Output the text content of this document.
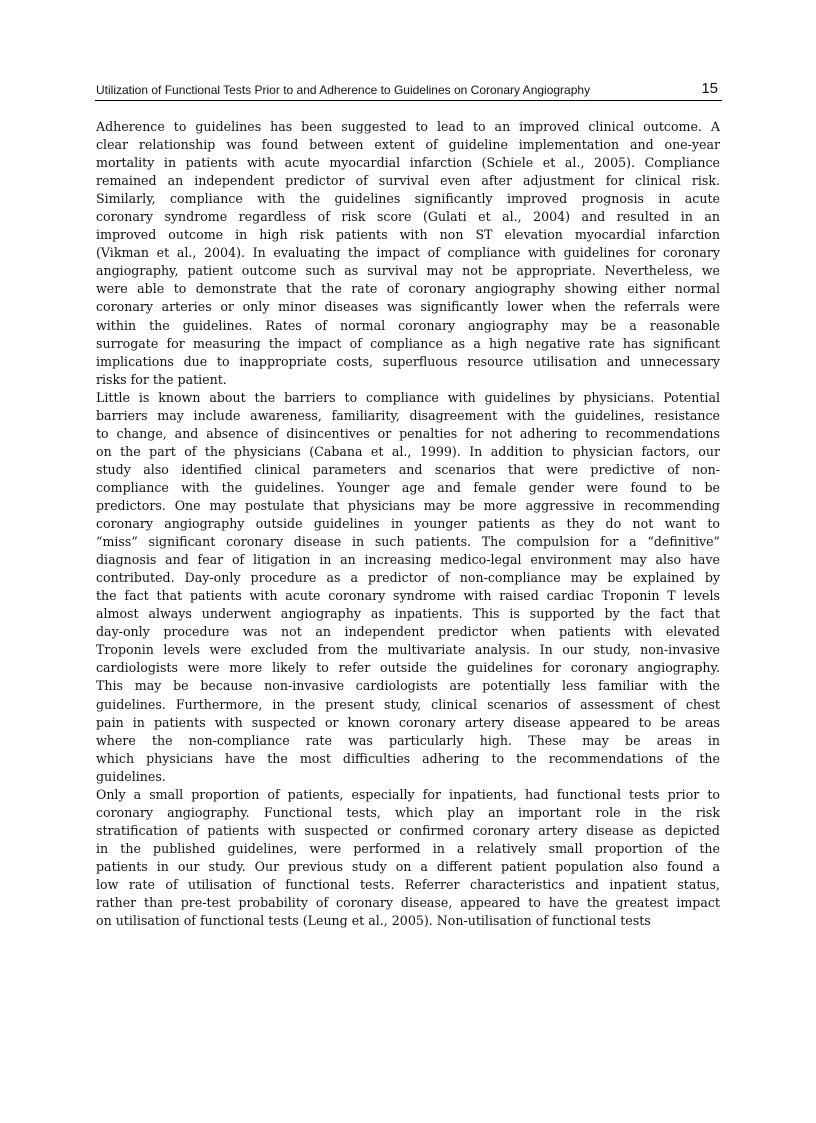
Utilization of Functional Tests Prior to and Adherence to Guidelines on Coronary Angiography	15
Adherence to guidelines has been suggested to lead to an improved clinical outcome. A
clear relationship was found between extent of guideline implementation and one-year
mortality in patients with acute myocardial infarction (Schiele et al., 2005). Compliance
remained an independent predictor of survival even after adjustment for clinical risk.
Similarly, compliance with the guidelines significantly improved prognosis in acute
coronary syndrome regardless of risk score (Gulati et al., 2004) and resulted in an
improved outcome in high risk patients with non ST elevation myocardial infarction
(Vikman et al., 2004). In evaluating the impact of compliance with guidelines for coronary
angiography, patient outcome such as survival may not be appropriate. Nevertheless, we
were able to demonstrate that the rate of coronary angiography showing either normal
coronary arteries or only minor diseases was significantly lower when the referrals were
within the guidelines. Rates of normal coronary angiography may be a reasonable
surrogate for measuring the impact of compliance as a high negative rate has significant
implications due to inappropriate costs, superfluous resource utilisation and unnecessary
risks for the patient.
Little is known about the barriers to compliance with guidelines by physicians. Potential
barriers may include awareness, familiarity, disagreement with the guidelines, resistance
to change, and absence of disincentives or penalties for not adhering to recommendations
on the part of the physicians (Cabana et al., 1999). In addition to physician factors, our
study also identified clinical parameters and scenarios that were predictive of non-
compliance with the guidelines. Younger age and female gender were found to be
predictors. One may postulate that physicians may be more aggressive in recommending
coronary angiography outside guidelines in younger patients as they do not want to
“miss” significant coronary disease in such patients. The compulsion for a “definitive”
diagnosis and fear of litigation in an increasing medico-legal environment may also have
contributed. Day-only procedure as a predictor of non-compliance may be explained by
the fact that patients with acute coronary syndrome with raised cardiac Troponin T levels
almost always underwent angiography as inpatients. This is supported by the fact that
day-only procedure was not an independent predictor when patients with elevated
Troponin levels were excluded from the multivariate analysis. In our study, non-invasive
cardiologists were more likely to refer outside the guidelines for coronary angiography.
This may be because non-invasive cardiologists are potentially less familiar with the
guidelines. Furthermore, in the present study, clinical scenarios of assessment of chest
pain in patients with suspected or known coronary artery disease appeared to be areas
where the non-compliance rate was particularly high. These may be areas in
which physicians have the most difficulties adhering to the recommendations of the
guidelines.
Only a small proportion of patients, especially for inpatients, had functional tests prior to
coronary angiography. Functional tests, which play an important role in the risk
stratification of patients with suspected or confirmed coronary artery disease as depicted
in the published guidelines, were performed in a relatively small proportion of the
patients in our study. Our previous study on a different patient population also found a
low rate of utilisation of functional tests. Referrer characteristics and inpatient status,
rather than pre-test probability of coronary disease, appeared to have the greatest impact
on utilisation of functional tests (Leung et al., 2005). Non-utilisation of functional tests
